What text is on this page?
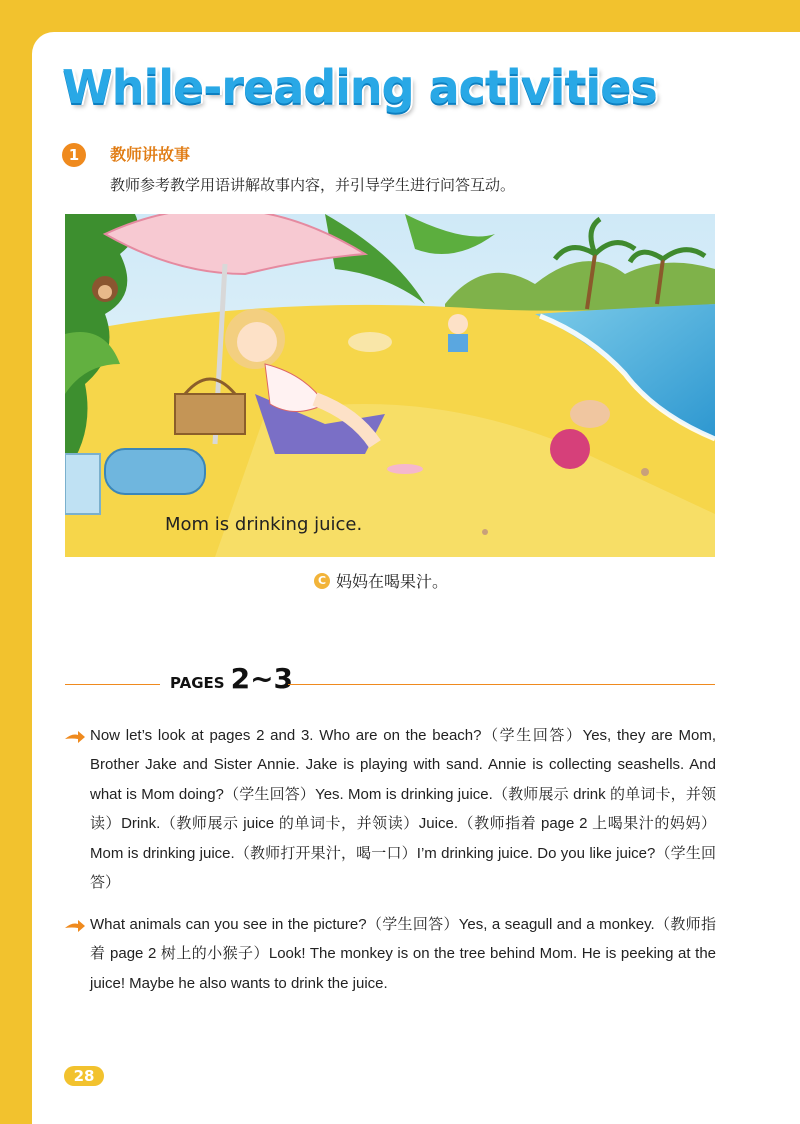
While-reading activities
1	教师讲故事
教师参考教学用语讲解故事内容，并引导学生进行问答互动。
Mom is drinking juice.
C 妈妈在喝果汁。
PAGES 2~3

Now let’s look at pages 2 and 3. Who are on the beach?（学生回答）Yes, they are Mom, Brother Jake and Sister Annie. Jake is playing with sand. Annie is collecting seashells. And what is Mom doing?（学生回答）Yes. Mom is drinking juice.（教师展示 drink 的单词卡，并领读）Drink.（教师展示 juice 的单词卡，并领读）Juice.（教师指着 page 2 上喝果汁的妈妈）Mom is drinking juice.（教师打开果汁，喝一口）I’m drinking juice. Do you like juice?（学生回答）

What animals can you see in the picture?（学生回答）Yes, a seagull and a monkey.（教师指着 page 2 树上的小猴子）Look! The monkey is on the tree behind Mom. He is peeking at the juice! Maybe he also wants to drink the juice.

28
